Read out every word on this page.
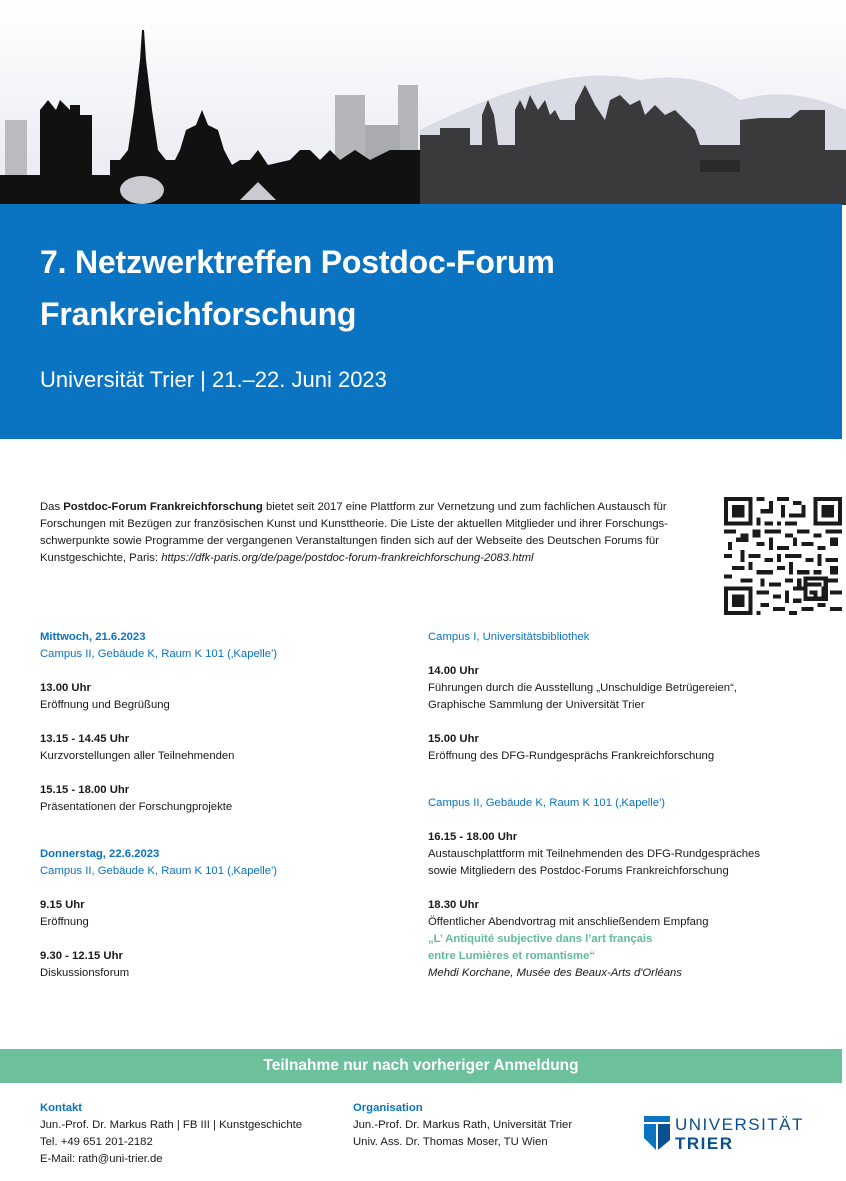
7. Netzwerktreffen Postdoc-Forum
Frankreichforschung
Universität Trier | 21.–22. Juni 2023
Das Postdoc-Forum Frankreichforschung bietet seit 2017 eine Plattform zur Vernetzung und zum fachlichen Austausch für
Forschungen mit Bezügen zur französischen Kunst und Kunsttheorie. Die Liste der aktuellen Mitglieder und ihrer Forschungs-
schwerpunkte sowie Programme der vergangenen Veranstaltungen finden sich auf der Webseite des Deutschen Forums für
Kunstgeschichte, Paris: https://dfk-paris.org/de/page/postdoc-forum-frankreichforschung-2083.html
Mittwoch, 21.6.2023
Campus II, Gebäude K, Raum K 101 (‚Kapelle')
13.00 Uhr
Eröffnung und Begrüßung
13.15 - 14.45 Uhr
Kurzvorstellungen aller Teilnehmenden
15.15 - 18.00 Uhr
Präsentationen der Forschungprojekte
Donnerstag, 22.6.2023
Campus II, Gebäude K, Raum K 101 (‚Kapelle')
9.15 Uhr
Eröffnung
9.30 - 12.15 Uhr
Diskussionsforum
Campus I, Universitätsbibliothek
14.00 Uhr
Führungen durch die Ausstellung „Unschuldige Betrügereien“,
Graphische Sammlung der Universität Trier
15.00 Uhr
Eröffnung des DFG-Rundgesprächs Frankreichforschung
Campus II, Gebäude K, Raum K 101 (‚Kapelle')
16.15 - 18.00 Uhr
Austauschplattform mit Teilnehmenden des DFG-Rundgespräches
sowie Mitgliedern des Postdoc-Forums Frankreichforschung
18.30 Uhr
Öffentlicher Abendvortrag mit anschließendem Empfang
„L’ Antiquité subjective dans l’art français
entre Lumières et romantisme“
Mehdi Korchane, Musée des Beaux-Arts d'Orléans
Teilnahme nur nach vorheriger Anmeldung
Kontakt
Jun.-Prof. Dr. Markus Rath | FB III | Kunstgeschichte
Tel. +49 651 201-2182
E-Mail: rath@uni-trier.de
Organisation
Jun.-Prof. Dr. Markus Rath, Universität Trier
Univ. Ass. Dr. Thomas Moser, TU Wien
UNIVERSITÄT
TRIER
